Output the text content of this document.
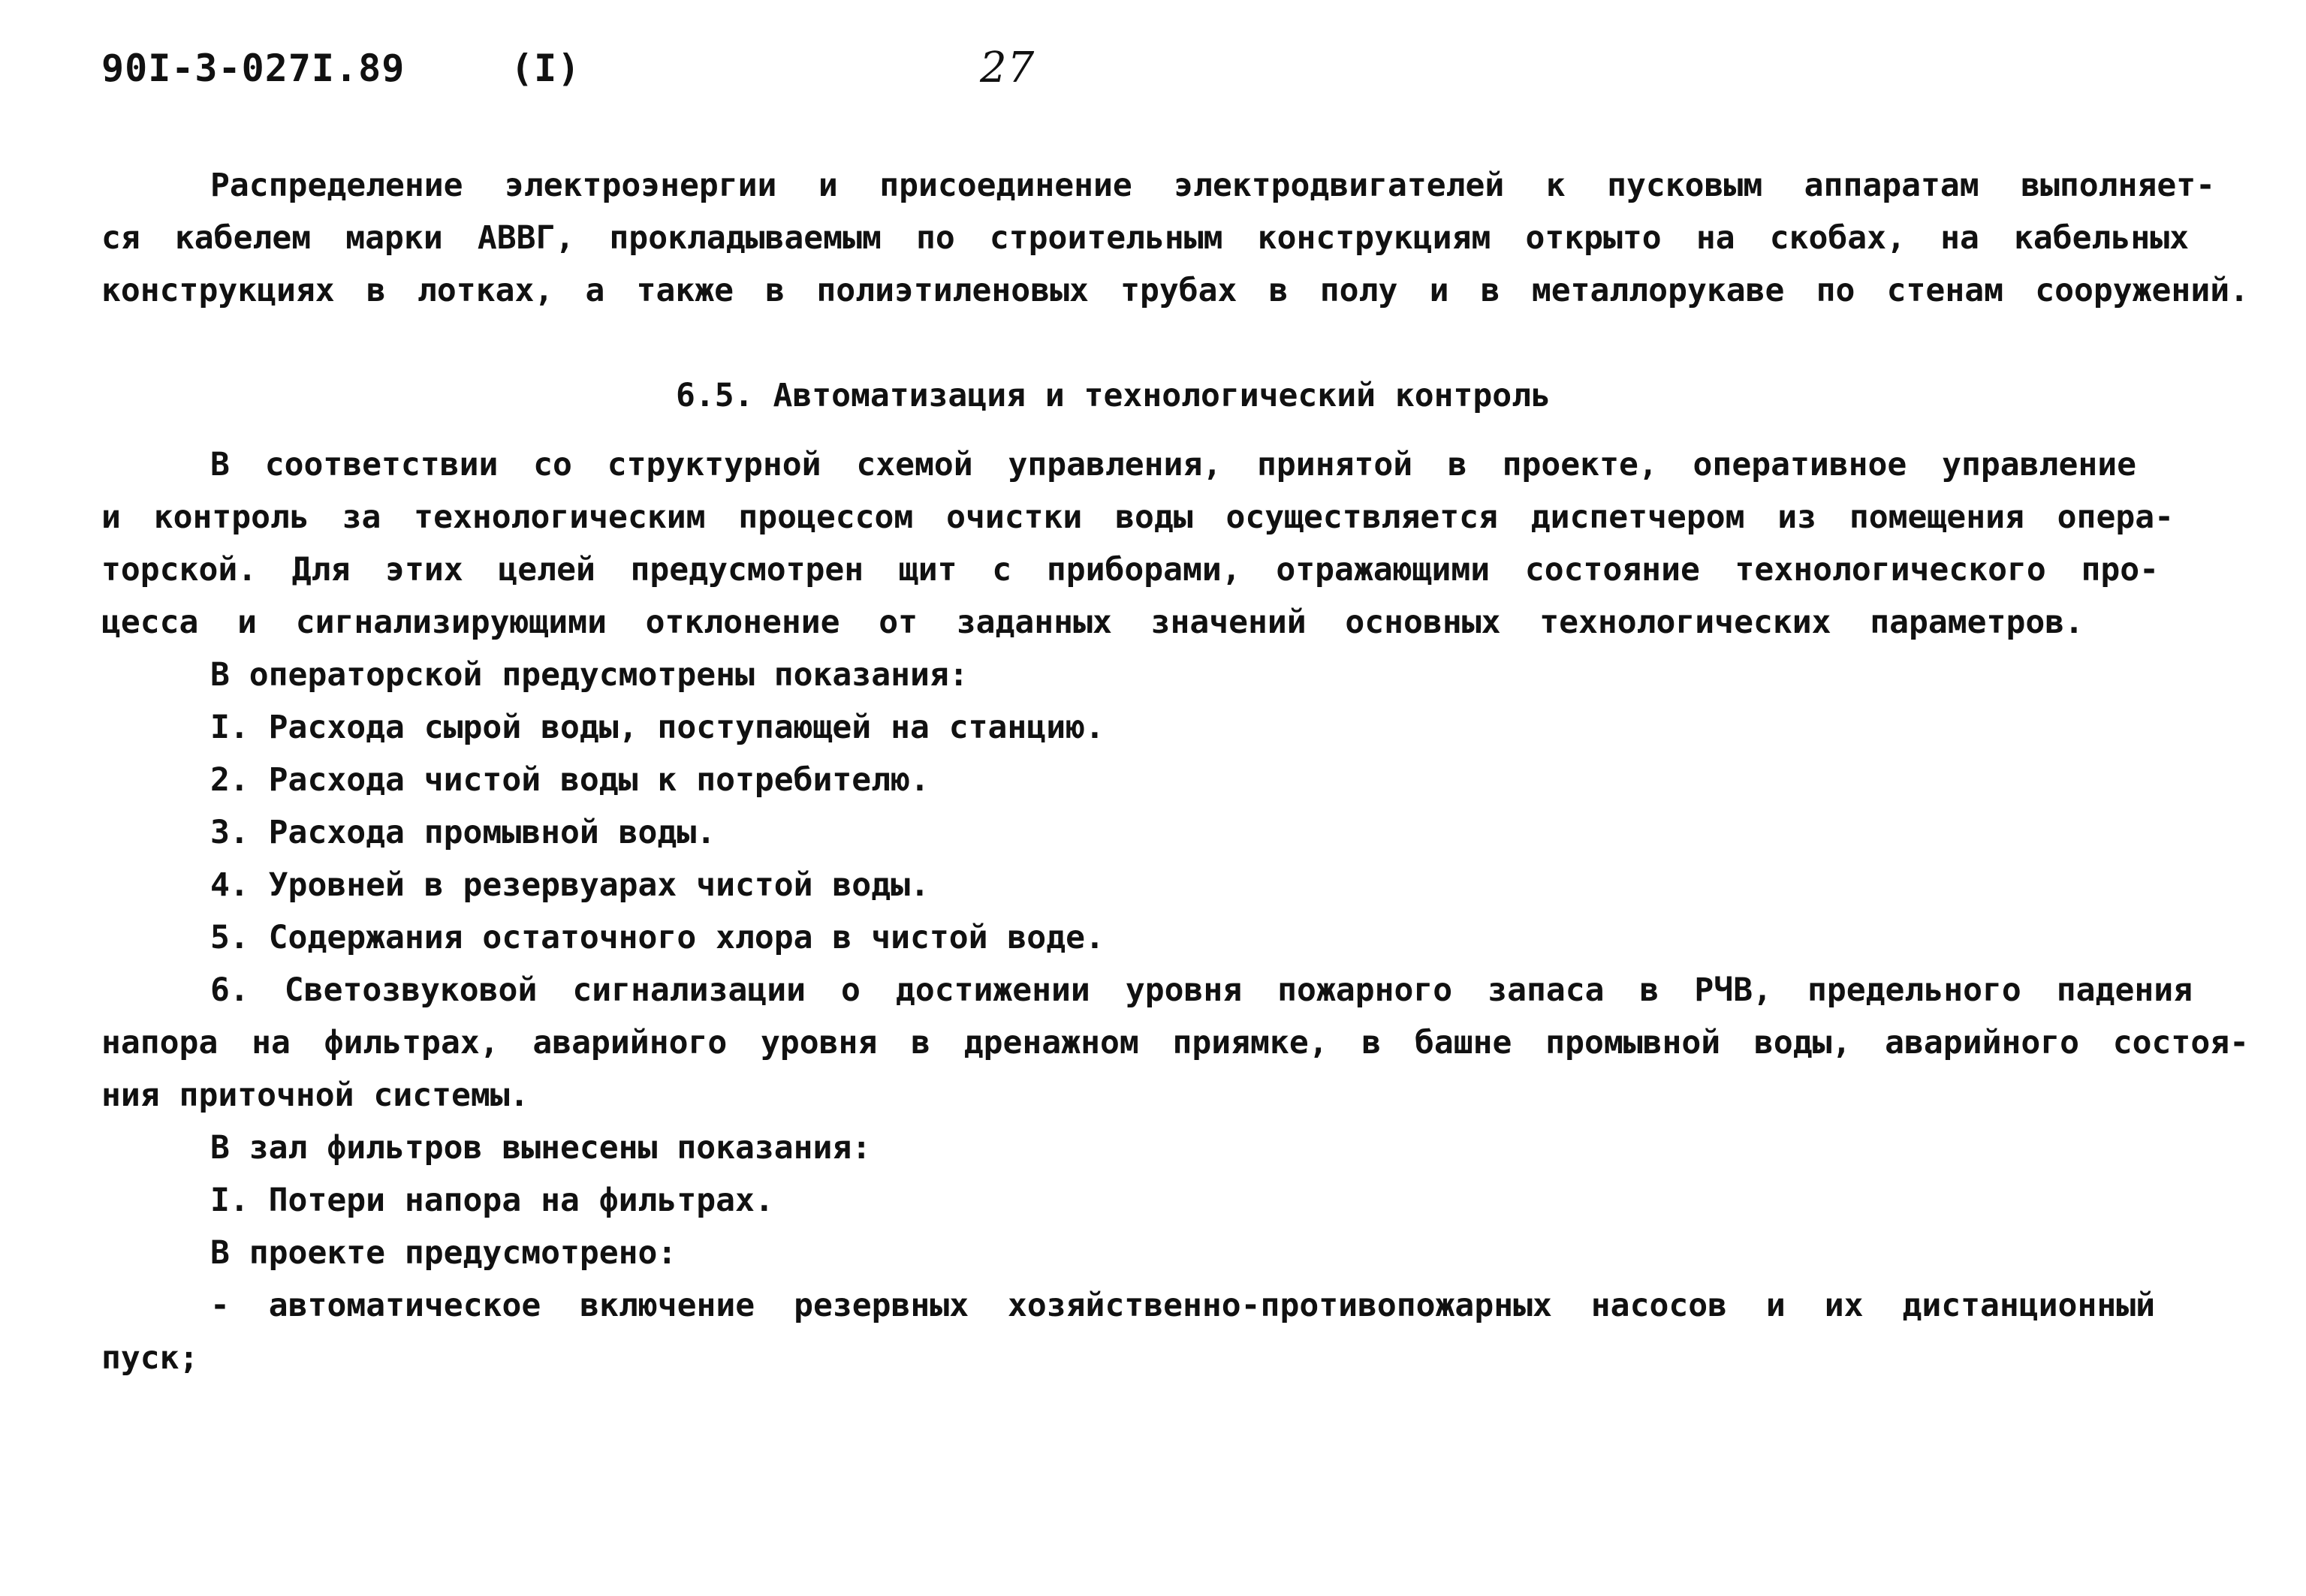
90I-3-027I.89	(I)	27
Распределение электроэнергии и присоединение электродвигателей к пусковым аппаратам выполняет-
ся кабелем марки АВВГ, прокладываемым по строительным конструкциям открыто на скобах, на кабельных
конструкциях в лотках, а также в полиэтиленовых трубах в полу и в металлорукаве по стенам сооружений.
6.5. Автоматизация и технологический контроль
В соответствии со структурной схемой управления, принятой в проекте, оперативное управление
и контроль за технологическим процессом очистки воды осуществляется диспетчером из помещения опера-
торской. Для этих целей предусмотрен щит с приборами, отражающими состояние технологического про-
цесса и сигнализирующими отклонение от заданных значений основных технологических параметров.
В операторской предусмотрены показания:
I. Расхода сырой воды, поступающей на станцию.
2. Расхода чистой воды к потребителю.
3. Расхода промывной воды.
4. Уровней в резервуарах чистой воды.
5. Содержания остаточного хлора в чистой воде.
6. Светозвуковой сигнализации о достижении уровня пожарного запаса в РЧВ, предельного падения
напора на фильтрах, аварийного уровня в дренажном приямке, в башне промывной воды, аварийного состоя-
ния приточной системы.
В зал фильтров вынесены показания:
I. Потери напора на фильтрах.
В проекте предусмотрено:
- автоматическое включение резервных хозяйственно-противопожарных насосов и их дистанционный
пуск;
